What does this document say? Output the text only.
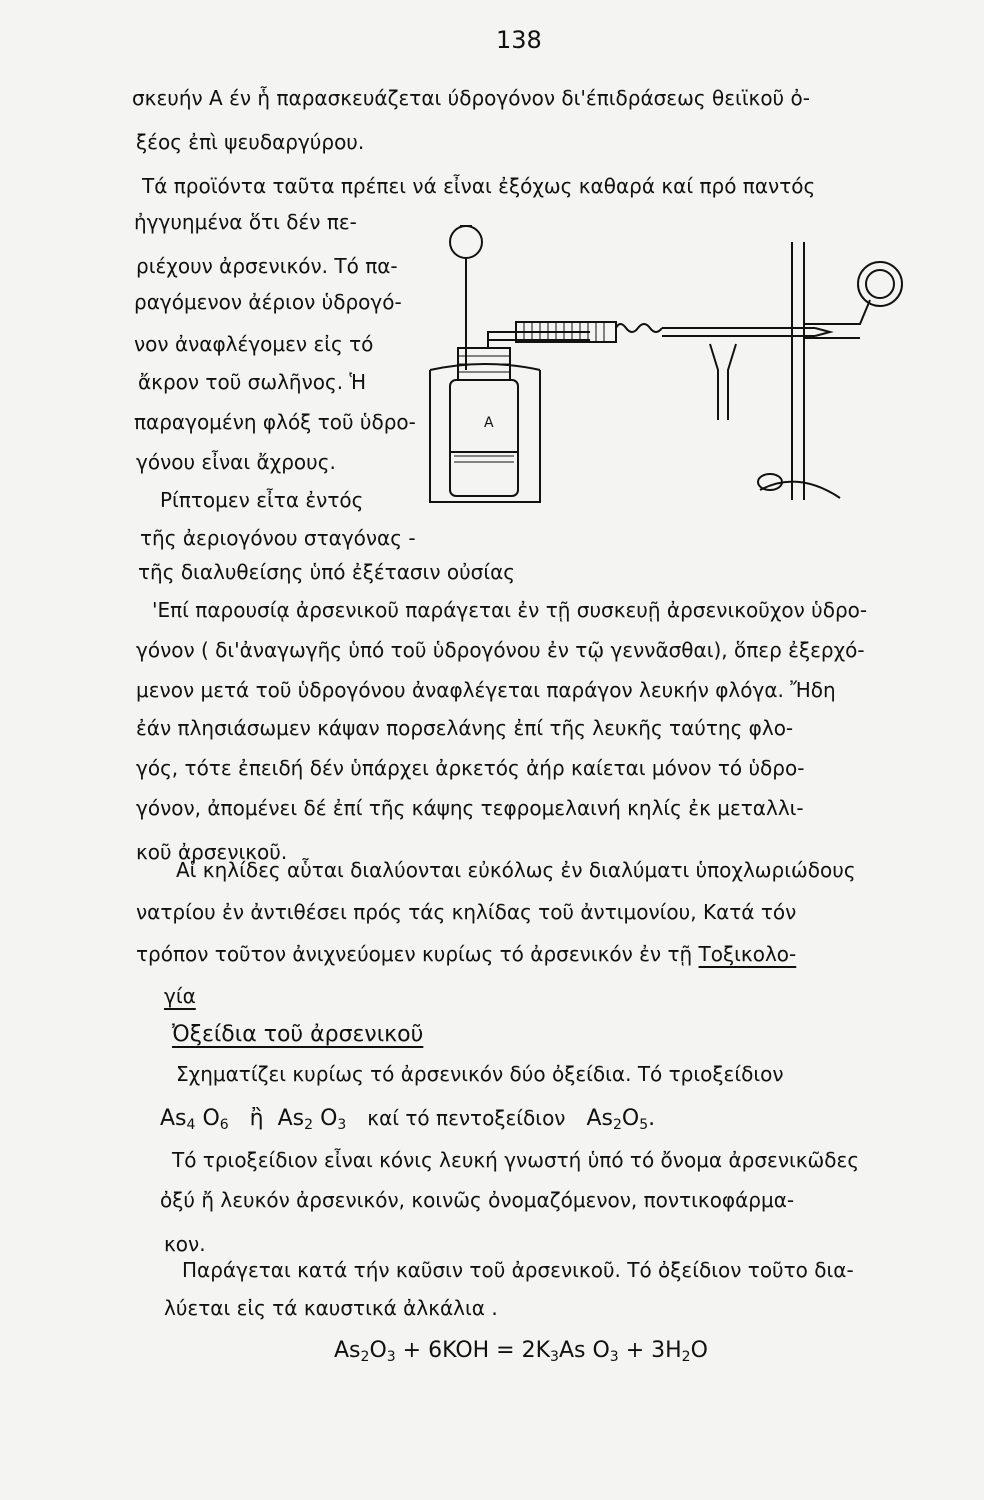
138
σκευήν Α έν ἧ παρασκευάζεται ύδρογόνον δι'έπιδράσεως θειϊκοῦ ὀ-
ξέος ἐπὶ ψευδαργύρου.
Τά προϊόντα ταῦτα πρέπει νά εἶναι ἐξόχως καθαρά καί πρό παντός
ἠγγυημένα ὅτι δέν πε-
ριέχουν ἀρσενικόν. Τό πα-
ραγόμενον ἀέριον ὑδρογό-
νον ἀναφλέγομεν εἰς τό
ἄκρον τοῦ σωλῆνος. Ἡ
παραγομένη φλόξ τοῦ ὑδρο-
γόνου εἶναι ἄχρους.
Ρίπτομεν εἶτα ἐντός
τῆς ἀεριογόνου σταγόνας -
τῆς διαλυθείσης ὑπό ἐξέτασιν οὐσίας
'Επί παρουσίᾳ ἀρσενικοῦ παράγεται ἐν τῇ συσκευῇ ἀρσενικοῦχον ὑδρο-
γόνον ( δι'ἀναγωγῆς ὑπό τοῦ ὑδρογόνου ἐν τῷ γεννᾶσθαι), ὅπερ ἐξερχό-
μενον μετά τοῦ ὑδρογόνου ἀναφλέγεται παράγον λευκήν φλόγα. Ἤδη
ἐάν πλησιάσωμεν κάψαν πορσελάνης ἐπί τῆς λευκῆς ταύτης φλο-
γός, τότε ἐπειδή δέν ὑπάρχει ἀρκετός ἀήρ καίεται μόνον τό ὑδρο-
γόνον, ἀπομένει δέ ἐπί τῆς κάψης τεφρομελαινή κηλίς ἐκ μεταλλι-
κοῦ ἀρσενικοῦ.
Αἱ κηλίδες αὗται διαλύονται εὐκόλως ἐν διαλύματι ὑποχλωριώδους
νατρίου ἐν ἀντιθέσει πρός τάς κηλίδας τοῦ ἀντιμονίου, Κατά τόν
τρόπον τοῦτον ἀνιχνεύομεν κυρίως τό ἀρσενικόν ἐν τῇ Τοξικολο-
γία
Ὀξείδια τοῦ ἀρσενικοῦ
Σχηματίζει κυρίως τό ἀρσενικόν δύο ὀξείδια. Τό τριοξείδιον
$As_4$ $O_6$ ἢ $As_2$ $O_3$ καί τό πεντοξείδιον $As_2O_5$.
Τό τριοξείδιον εἶναι κόνις λευκή γνωστή ὑπό τό ὄνομα ἀρσενικῶδες
ὀξύ ἤ λευκόν ἀρσενικόν, κοινῶς ὀνομαζόμενον, ποντικοφάρμα-
κον.
Παράγεται κατά τήν καῦσιν τοῦ ἀρσενικοῦ. Τό ὀξείδιον τοῦτο δια-
λύεται εἰς τά καυστικά ἀλκάλια .
$As_2O_3 + 6KOH = 2K_3As$ $O_3 + 3H_2O$
A
